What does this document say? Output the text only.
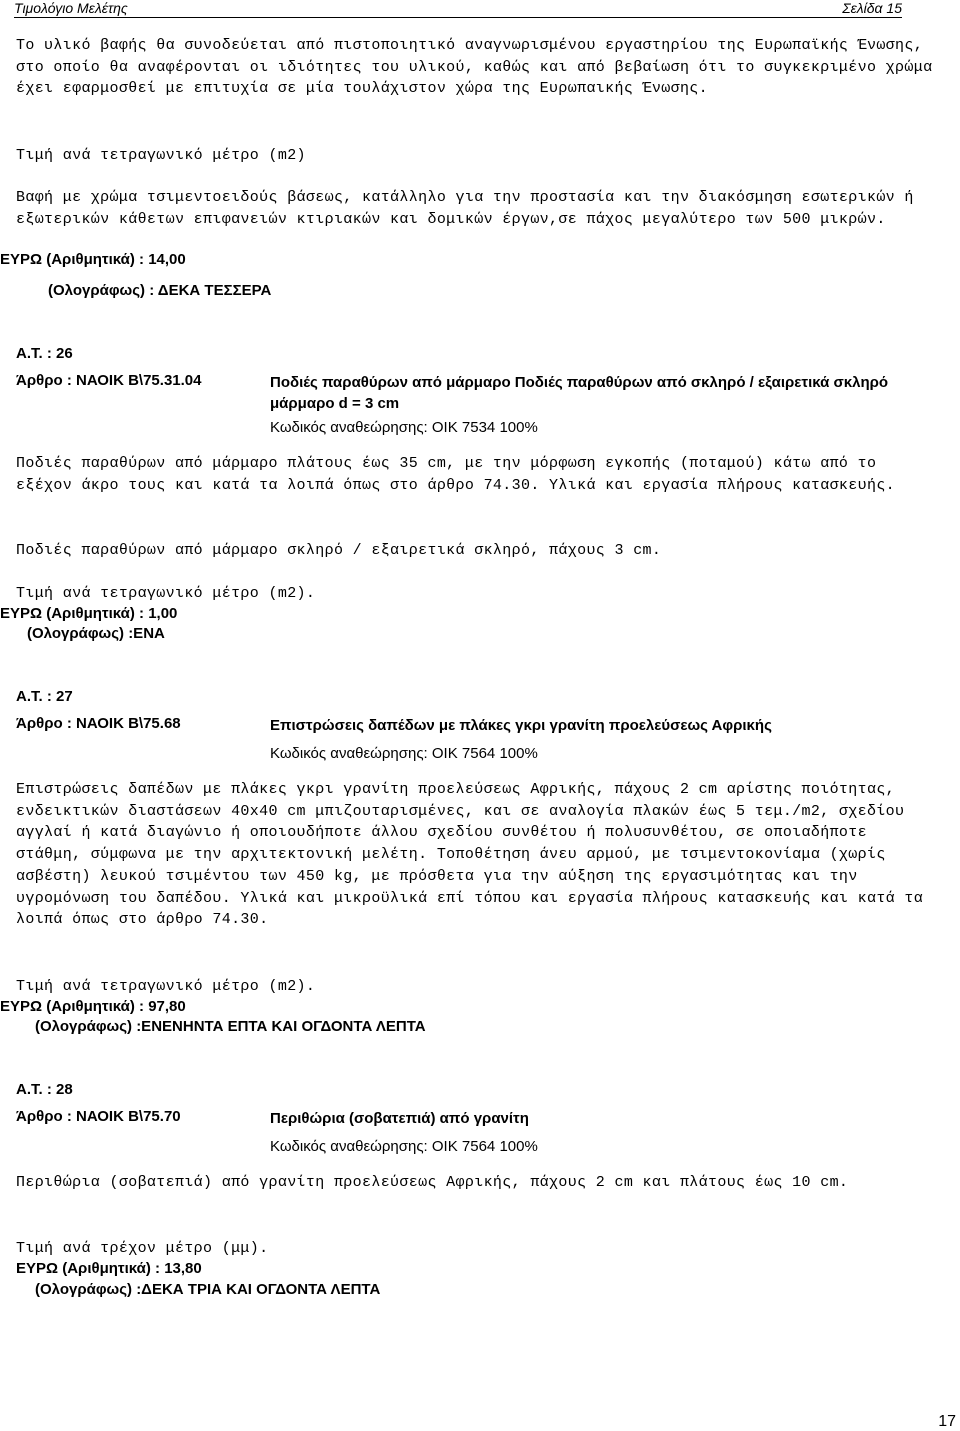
Τιμολόγιο Μελέτης	Σελίδα 15

Το υλικό βαφής θα συνοδεύεται από πιστοποιητικό αναγνωρισμένου εργαστηρίου της Ευρωπαϊκής Ένωσης, στο οποίο θα αναφέρονται οι ιδιότητες του υλικού, καθώς και από βεβαίωση ότι το συγκεκριμένο χρώμα έχει εφαρμοσθεί με επιτυχία σε μία τουλάχιστον χώρα της Ευρωπαικής Ένωσης.

Τιμή ανά τετραγωνικό μέτρο (m2)

Βαφή με χρώμα τσιμεντοειδούς βάσεως, κατάλληλο για την προστασία και την διακόσμηση εσωτερικών ή εξωτερικών κάθετων επιφανειών κτιριακών και δομικών έργων,σε πάχος μεγαλύτερο των 500 μικρών.

ΕΥΡΩ (Αριθμητικά) : 14,00
(Ολογράφως) : ΔΕΚΑ ΤΕΣΣΕΡΑ
Α.Τ. : 26
Άρθρο : ΝΑΟΙΚ Β\75.31.04	Ποδιές παραθύρων από μάρμαρο Ποδιές παραθύρων από σκληρό / εξαιρετικά σκληρό μάρμαρο d = 3 cm
Κωδικός αναθεώρησης: ΟΙΚ 7534 100%

Ποδιές παραθύρων από μάρμαρο πλάτους έως 35 cm, με την μόρφωση εγκοπής (ποταμού) κάτω από το εξέχον άκρο τους και κατά τα λοιπά όπως στο άρθρο 74.30. Υλικά και εργασία πλήρους κατασκευής.

Ποδιές παραθύρων από μάρμαρο σκληρό / εξαιρετικά σκληρό, πάχους 3 cm.

Τιμή ανά τετραγωνικό μέτρο (m2).

ΕΥΡΩ (Αριθμητικά) : 1,00
(Ολογράφως) :ΕΝΑ
Α.Τ. : 27
Άρθρο : ΝΑΟΙΚ Β\75.68	Επιστρώσεις δαπέδων με πλάκες γκρι γρανίτη προελεύσεως Αφρικής
Κωδικός αναθεώρησης: ΟΙΚ 7564 100%

Επιστρώσεις δαπέδων με πλάκες γκρι γρανίτη προελεύσεως Αφρικής, πάχους 2 cm αρίστης ποιότητας, ενδεικτικών διαστάσεων 40x40 cm μπιζουταρισμένες, και σε αναλογία πλακών έως 5 τεμ./m2, σχεδίου αγγλαί ή κατά διαγώνιο ή οποιουδήποτε άλλου σχεδίου συνθέτου ή πολυσυνθέτου, σε οποιαδήποτε στάθμη, σύμφωνα με την αρχιτεκτονική μελέτη. Τοποθέτηση άνευ αρμού, με τσιμεντοκονίαμα (χωρίς ασβέστη) λευκού τσιμέντου των 450 kg, με πρόσθετα για την αύξηση της εργασιμότητας και την υγρομόνωση του δαπέδου. Υλικά και μικροϋλικά επί τόπου και εργασία πλήρους κατασκευής και κατά τα λοιπά όπως στο άρθρο 74.30.

Τιμή ανά τετραγωνικό μέτρο (m2).

ΕΥΡΩ (Αριθμητικά) : 97,80
(Ολογράφως) :ΕΝΕΝΗΝΤΑ ΕΠΤΑ ΚΑΙ ΟΓΔΟΝΤΑ ΛΕΠΤΑ
Α.Τ. : 28
Άρθρο : ΝΑΟΙΚ Β\75.70	Περιθώρια (σοβατεπιά) από γρανίτη
Κωδικός αναθεώρησης: ΟΙΚ 7564 100%

Περιθώρια (σοβατεπιά) από γρανίτη προελεύσεως Αφρικής, πάχους 2 cm και πλάτους έως 10 cm.

Τιμή ανά τρέχον μέτρο (μμ).

ΕΥΡΩ (Αριθμητικά) : 13,80
(Ολογράφως) :ΔΕΚΑ ΤΡΙΑ ΚΑΙ ΟΓΔΟΝΤΑ ΛΕΠΤΑ
17
